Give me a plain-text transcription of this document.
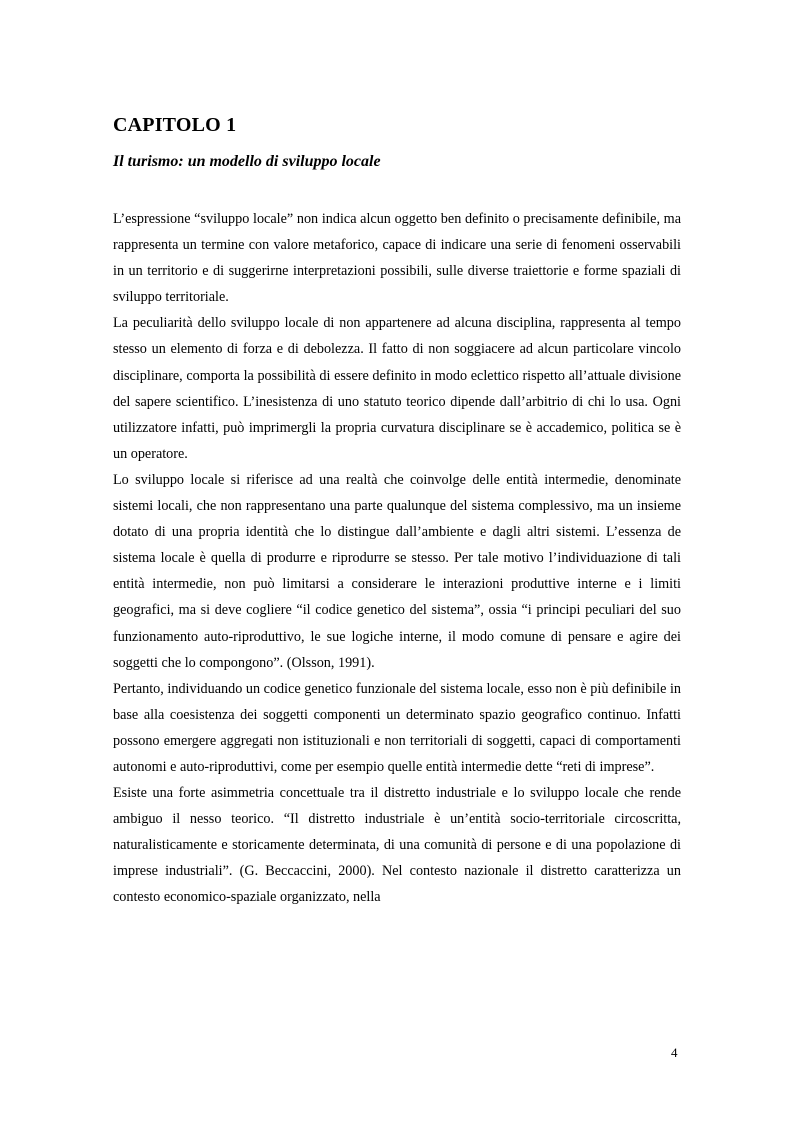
CAPITOLO 1
Il turismo: un modello di sviluppo locale

L’espressione “sviluppo locale” non indica alcun oggetto ben definito o precisamente definibile, ma rappresenta un termine con valore metaforico, capace di indicare una serie di fenomeni osservabili in un territorio e di suggerirne interpretazioni possibili, sulle diverse traiettorie e forme spaziali di sviluppo territoriale.

La peculiarità dello sviluppo locale di non appartenere ad alcuna disciplina, rappresenta al tempo stesso un elemento di forza e di debolezza. Il fatto di non soggiacere ad alcun particolare vincolo disciplinare, comporta la possibilità di essere definito in modo eclettico rispetto all’attuale divisione del sapere scientifico. L’inesistenza di uno statuto teorico dipende dall’arbitrio di chi lo usa. Ogni utilizzatore infatti, può imprimergli la propria curvatura disciplinare se è accademico, politica se è un operatore.

Lo sviluppo locale si riferisce ad una realtà che coinvolge delle entità intermedie, denominate sistemi locali, che non rappresentano una parte qualunque del sistema complessivo, ma un insieme dotato di una propria identità che lo distingue dall’ambiente e dagli altri sistemi. L’essenza de sistema locale è quella di produrre e riprodurre se stesso. Per tale motivo l’individuazione di tali entità intermedie, non può limitarsi a considerare le interazioni produttive interne e i limiti geografici, ma si deve cogliere “il codice genetico del sistema”, ossia “i principi peculiari del suo funzionamento auto-riproduttivo, le sue logiche interne, il modo comune di pensare e agire dei soggetti che lo compongono”. (Olsson, 1991).

Pertanto, individuando un codice genetico funzionale del sistema locale, esso non è più definibile in base alla coesistenza dei soggetti componenti un determinato spazio geografico continuo. Infatti possono emergere aggregati non istituzionali e non territoriali di soggetti, capaci di comportamenti autonomi e auto-riproduttivi, come per esempio quelle entità intermedie dette “reti di imprese”.

Esiste una forte asimmetria concettuale tra il distretto industriale e lo sviluppo locale che rende ambiguo il nesso teorico. “Il distretto industriale è un’entità socio-territoriale circoscritta, naturalisticamente e storicamente determinata, di una comunità di persone e di una popolazione di imprese industriali”. (G. Beccaccini, 2000). Nel contesto nazionale il distretto caratterizza un contesto economico-spaziale organizzato, nella

4
